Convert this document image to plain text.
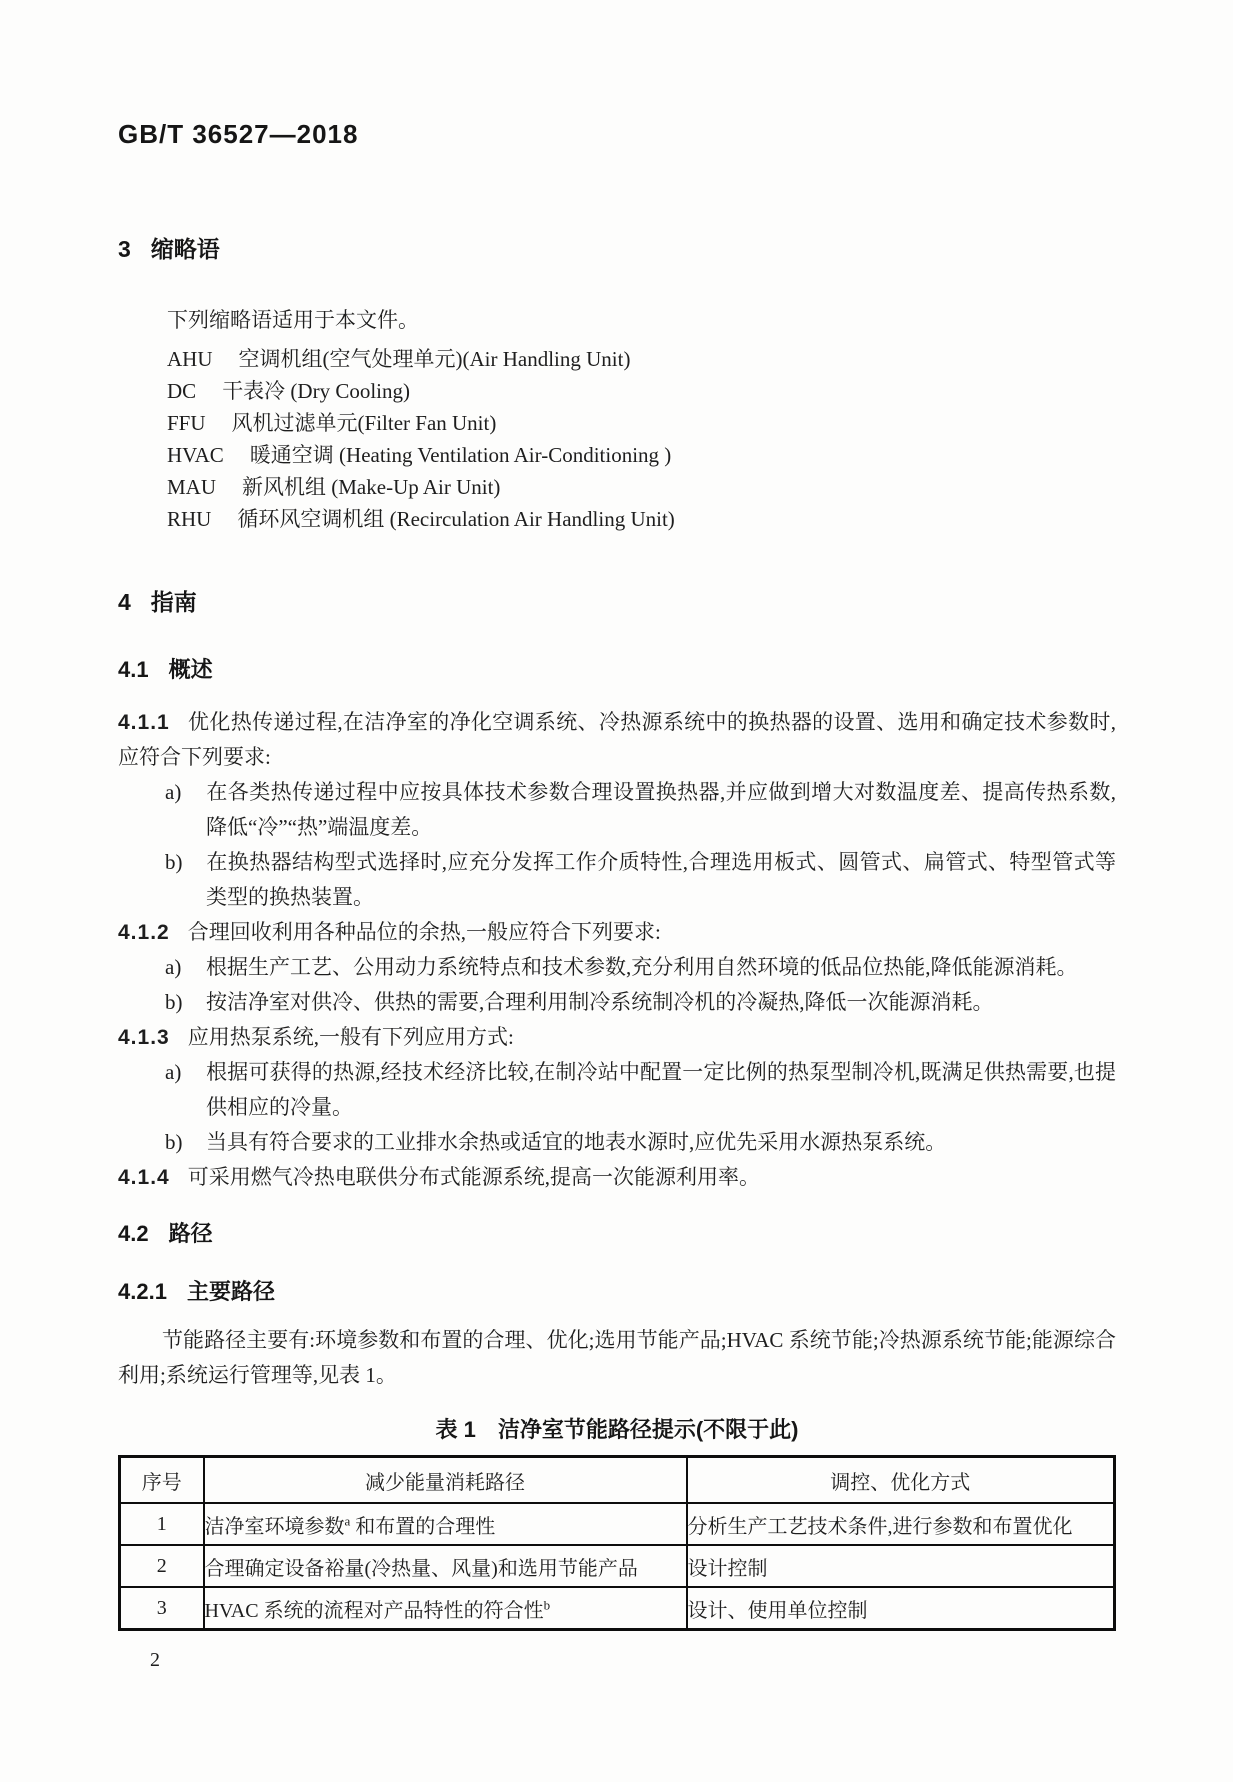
GB/T 36527—2018
3 缩略语

下列缩略语适用于本文件。

AHU 空调机组(空气处理单元)(Air Handling Unit)
DC 干表冷 (Dry Cooling)
FFU 风机过滤单元(Filter Fan Unit)
HVAC 暖通空调 (Heating Ventilation Air-Conditioning )
MAU 新风机组 (Make-Up Air Unit)
RHU 循环风空调机组 (Recirculation Air Handling Unit)
4 指南
4.1 概述

4.1.1 优化热传递过程,在洁净室的净化空调系统、冷热源系统中的换热器的设置、选用和确定技术参数时,应符合下列要求:

a) 在各类热传递过程中应按具体技术参数合理设置换热器,并应做到增大对数温度差、提高传热系数,降低“冷”“热”端温度差。

b) 在换热器结构型式选择时,应充分发挥工作介质特性,合理选用板式、圆管式、扁管式、特型管式等类型的换热装置。

4.1.2 合理回收利用各种品位的余热,一般应符合下列要求:

a) 根据生产工艺、公用动力系统特点和技术参数,充分利用自然环境的低品位热能,降低能源消耗。

b) 按洁净室对供冷、供热的需要,合理利用制冷系统制冷机的冷凝热,降低一次能源消耗。

4.1.3 应用热泵系统,一般有下列应用方式:

a) 根据可获得的热源,经技术经济比较,在制冷站中配置一定比例的热泵型制冷机,既满足供热需要,也提供相应的冷量。

b) 当具有符合要求的工业排水余热或适宜的地表水源时,应优先采用水源热泵系统。

4.1.4 可采用燃气冷热电联供分布式能源系统,提高一次能源利用率。

4.2 路径
4.2.1 主要路径

节能路径主要有:环境参数和布置的合理、优化;选用节能产品;HVAC 系统节能;冷热源系统节能;能源综合利用;系统运行管理等,见表 1。

表 1 洁净室节能路径提示(不限于此)
序号	减少能量消耗路径	调控、优化方式
1	洁净室环境参数$^a$ 和布置的合理性	分析生产工艺技术条件,进行参数和布置优化
2	合理确定设备裕量(冷热量、风量)和选用节能产品	设计控制
3	HVAC 系统的流程对产品特性的符合性$^b$	设计、使用单位控制
2
